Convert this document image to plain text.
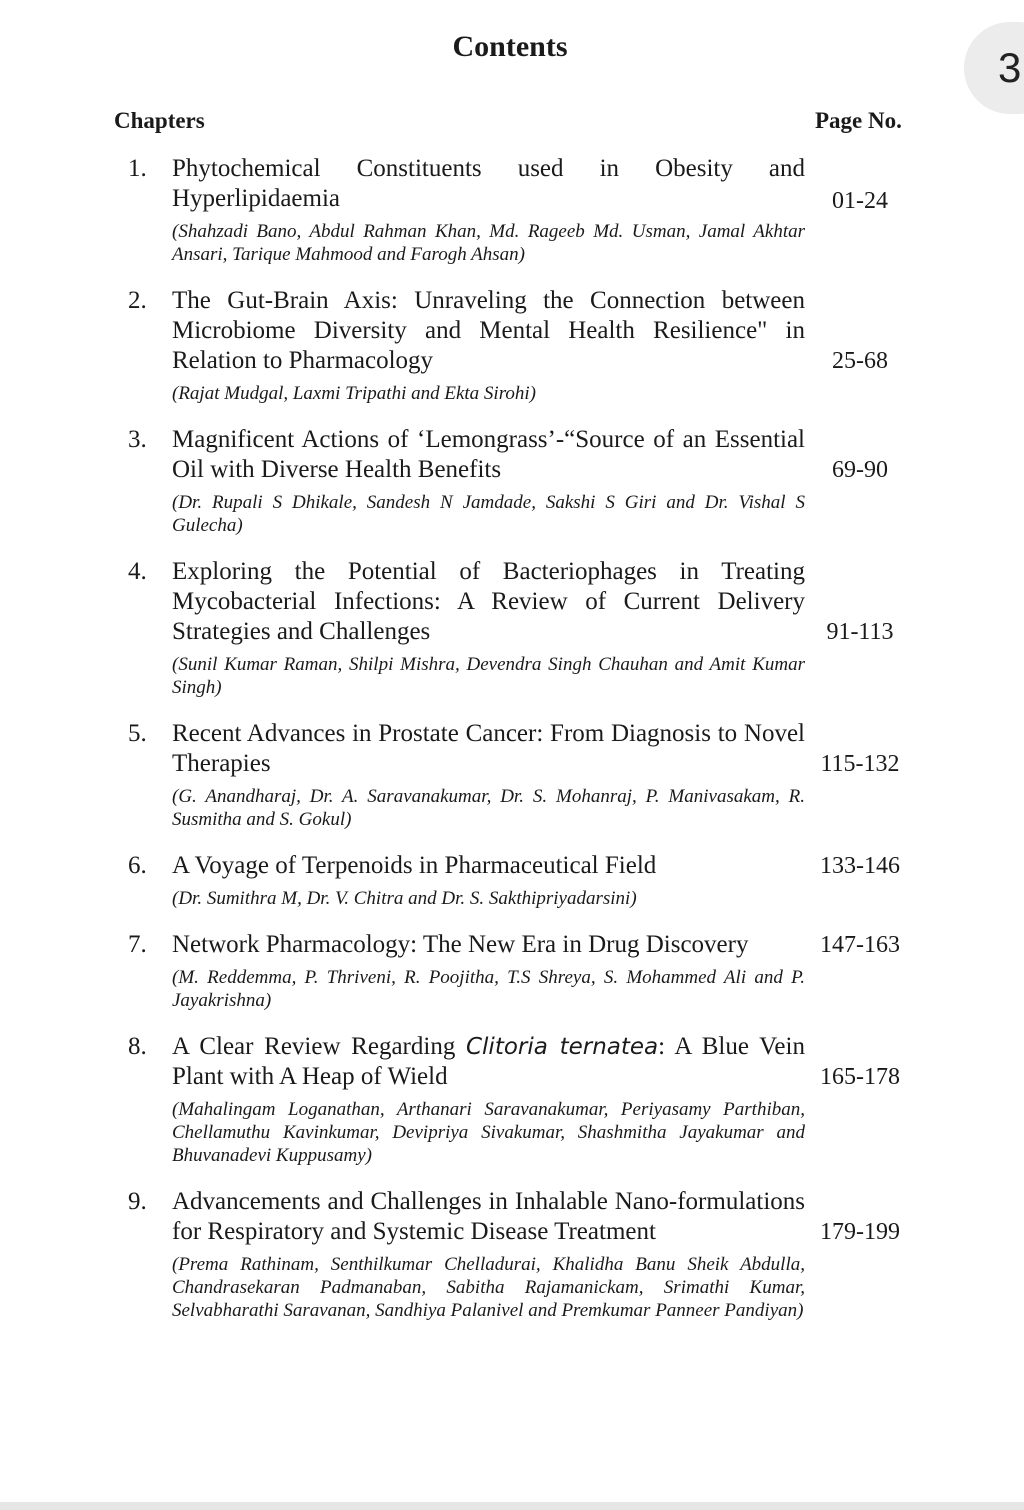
3
Contents
Chapters	Page No.
1. Phytochemical Constituents used in Obesity and Hyperlipidaemia

(Shahzadi Bano, Abdul Rahman Khan, Md. Rageeb Md. Usman, Jamal Akhtar Ansari, Tarique Mahmood and Farogh Ahsan)

01-24
2. The Gut-Brain Axis: Unraveling the Connection between Microbiome Diversity and Mental Health Resilience" in Relation to Pharmacology

(Rajat Mudgal, Laxmi Tripathi and Ekta Sirohi)

25-68
3. Magnificent Actions of ‘Lemongrass’-“Source of an Essential Oil with Diverse Health Benefits

(Dr. Rupali S Dhikale, Sandesh N Jamdade, Sakshi S Giri and Dr. Vishal S Gulecha)

69-90
4. Exploring the Potential of Bacteriophages in Treating Mycobacterial Infections: A Review of Current Delivery Strategies and Challenges

(Sunil Kumar Raman, Shilpi Mishra, Devendra Singh Chauhan and Amit Kumar Singh)

91-113
5. Recent Advances in Prostate Cancer: From Diagnosis to Novel Therapies

(G. Anandharaj, Dr. A. Saravanakumar, Dr. S. Mohanraj, P. Manivasakam, R. Susmitha and S. Gokul)

115-132
6. A Voyage of Terpenoids in Pharmaceutical Field

(Dr. Sumithra M, Dr. V. Chitra and Dr. S. Sakthipriyadarsini)

133-146
7. Network Pharmacology: The New Era in Drug Discovery

(M. Reddemma, P. Thriveni, R. Poojitha, T.S Shreya, S. Mohammed Ali and P. Jayakrishna)

147-163
8. A Clear Review Regarding Clitoria ternatea: A Blue Vein Plant with A Heap of Wield

(Mahalingam Loganathan, Arthanari Saravanakumar, Periyasamy Parthiban, Chellamuthu Kavinkumar, Devipriya Sivakumar, Shashmitha Jayakumar and Bhuvanadevi Kuppusamy)

165-178
9. Advancements and Challenges in Inhalable Nano-formulations for Respiratory and Systemic Disease Treatment

(Prema Rathinam, Senthilkumar Chelladurai, Khalidha Banu Sheik Abdulla, Chandrasekaran Padmanaban, Sabitha Rajamanickam, Srimathi Kumar, Selvabharathi Saravanan, Sandhiya Palanivel and Premkumar Panneer Pandiyan)

179-199
